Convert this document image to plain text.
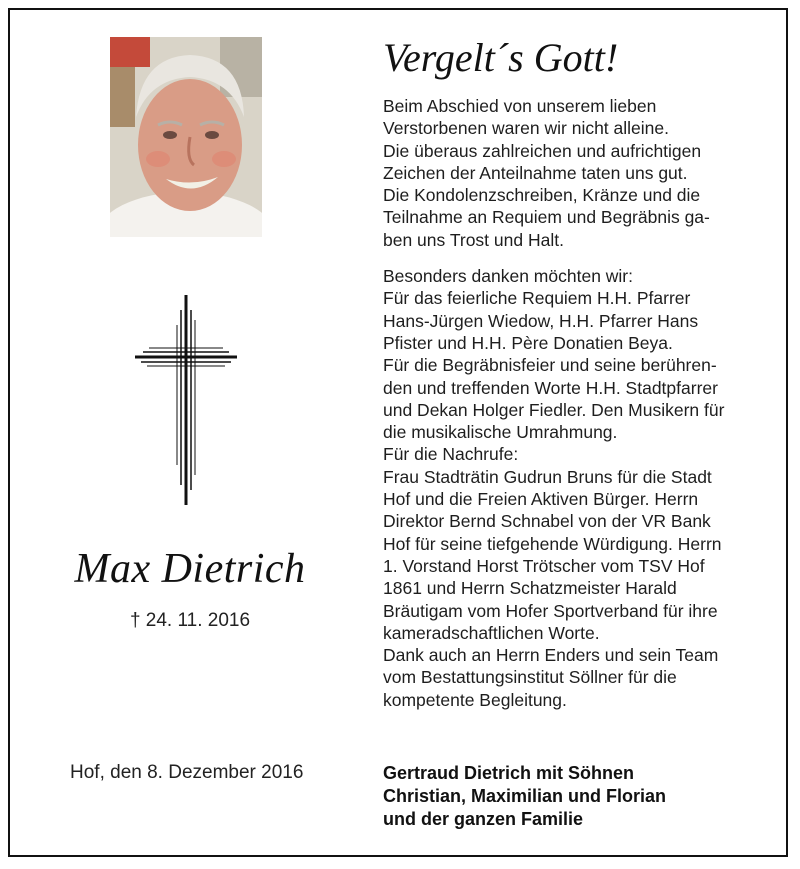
Max Dietrich
† 24. 11. 2016
Hof, den 8. Dezember 2016
Vergelt´s Gott!
Beim Abschied von unserem lieben
Verstorbenen waren wir nicht alleine.
Die überaus zahlreichen und aufrichtigen
Zeichen der Anteilnahme taten uns gut.
Die Kondolenzschreiben, Kränze und die
Teilnahme an Requiem und Begräbnis ga-
ben uns Trost und Halt.
Besonders danken möchten wir:
Für das feierliche Requiem H.H. Pfarrer
Hans-Jürgen Wiedow, H.H. Pfarrer Hans
Pfister und H.H. Père Donatien Beya.
Für die Begräbnisfeier und seine berühren-
den und treffenden Worte H.H. Stadtpfarrer
und Dekan Holger Fiedler. Den Musikern für
die musikalische Umrahmung.
Für die Nachrufe:
Frau Stadträtin Gudrun Bruns für die Stadt
Hof und die Freien Aktiven Bürger. Herrn
Direktor Bernd Schnabel von der VR Bank
Hof für seine tiefgehende Würdigung. Herrn
1. Vorstand Horst Trötscher vom TSV Hof
1861 und Herrn Schatzmeister Harald
Bräutigam vom Hofer Sportverband für ihre
kameradschaftlichen Worte.
Dank auch an Herrn Enders und sein Team
vom Bestattungsinstitut Söllner für die
kompetente Begleitung.
Gertraud Dietrich mit Söhnen
Christian, Maximilian und Florian
und der ganzen Familie
